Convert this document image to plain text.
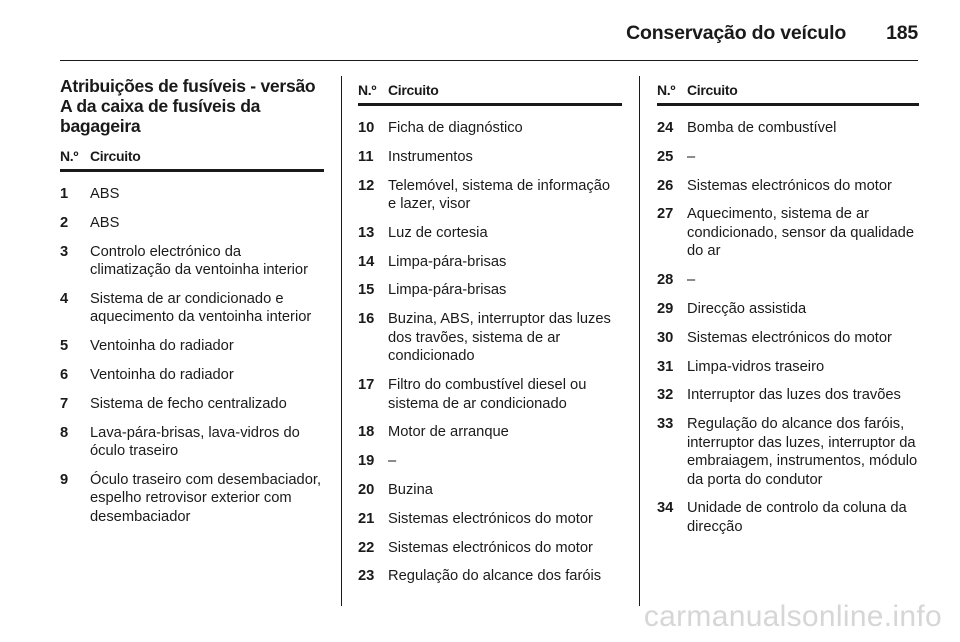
Conservação do veículo 185
Atribuições de fusíveis - versão A da caixa de fusíveis da bagageira
N.º Circuito
1	ABS
2	ABS
3	Controlo electrónico da climatização da ventoinha interior
4	Sistema de ar condicionado e aquecimento da ventoinha interior
5	Ventoinha do radiador
6	Ventoinha do radiador
7	Sistema de fecho centralizado
8	Lava-pára-brisas, lava-vidros do óculo traseiro
9	Óculo traseiro com desembaciador, espelho retrovisor exterior com desembaciador
N.º Circuito
10 Ficha de diagnóstico
11 Instrumentos
12 Telemóvel, sistema de informação e lazer, visor
13 Luz de cortesia
14 Limpa-pára-brisas
15 Limpa-pára-brisas
16 Buzina, ABS, interruptor das luzes dos travões, sistema de ar condicionado
17 Filtro do combustível diesel ou sistema de ar condicionado
18 Motor de arranque
19 –
20 Buzina
21 Sistemas electrónicos do motor
22 Sistemas electrónicos do motor
23 Regulação do alcance dos faróis
N.º Circuito
24 Bomba de combustível
25 –
26 Sistemas electrónicos do motor
27 Aquecimento, sistema de ar condicionado, sensor da qualidade do ar
28 –
29 Direcção assistida
30 Sistemas electrónicos do motor
31 Limpa-vidros traseiro
32 Interruptor das luzes dos travões
33 Regulação do alcance dos faróis, interruptor das luzes, interruptor da embraiagem, instrumentos, módulo da porta do condutor
34 Unidade de controlo da coluna da direcção
carmanualsonline.info
